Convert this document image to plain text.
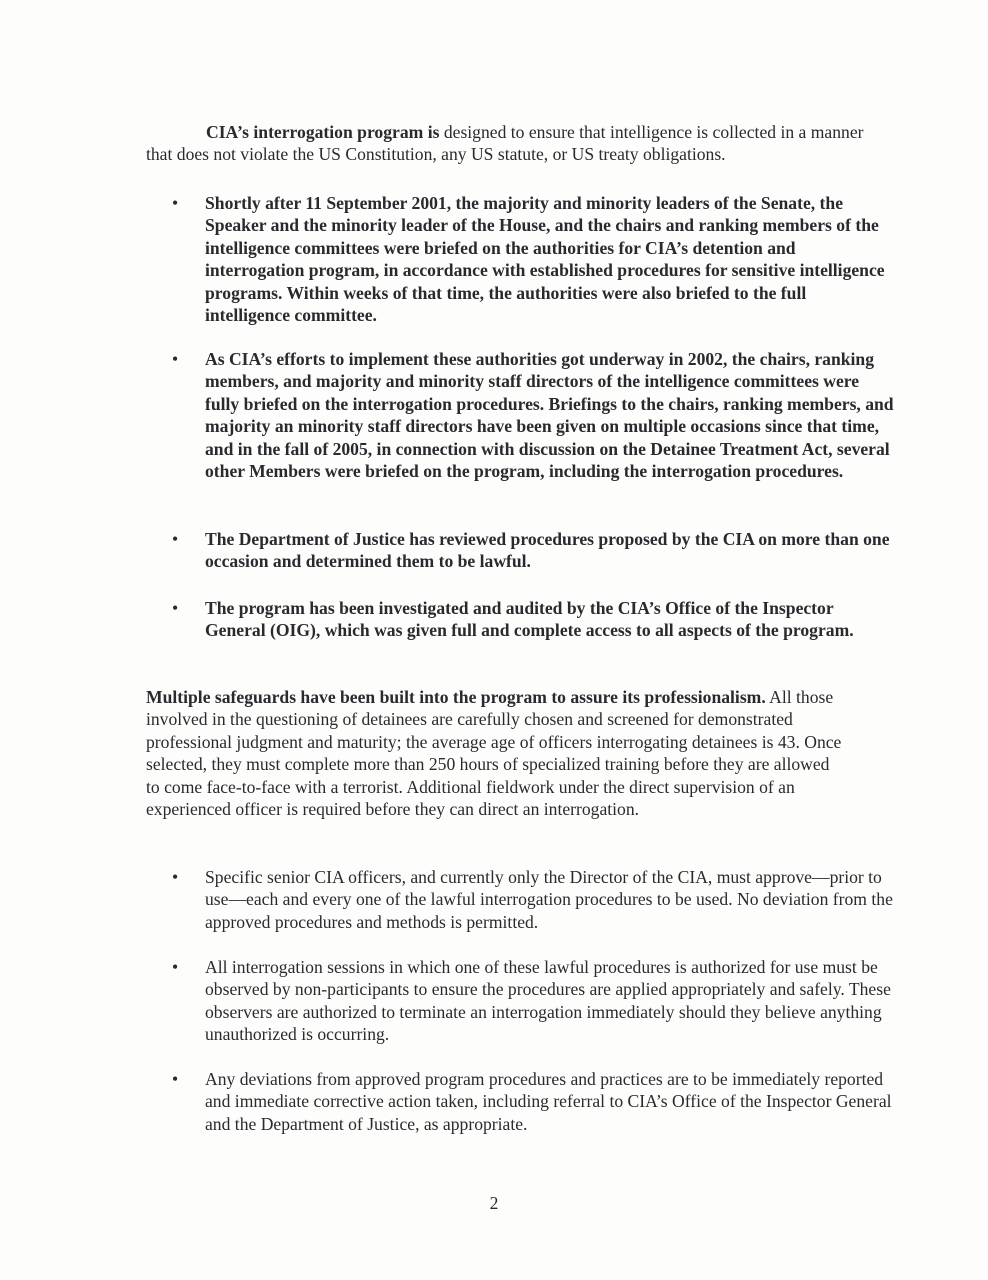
CIA’s interrogation program is designed to ensure that intelligence is collected in a manner that does not violate the US Constitution, any US statute, or US treaty obligations.

•	Shortly after 11 September 2001, the majority and minority leaders of the Senate, the Speaker and the minority leader of the House, and the chairs and ranking members of the intelligence committees were briefed on the authorities for CIA’s detention and interrogation program, in accordance with established procedures for sensitive intelligence programs. Within weeks of that time, the authorities were also briefed to the full intelligence committee.
•	As CIA’s efforts to implement these authorities got underway in 2002, the chairs, ranking members, and majority and minority staff directors of the intelligence committees were fully briefed on the interrogation procedures. Briefings to the chairs, ranking members, and majority an minority staff directors have been given on multiple occasions since that time, and in the fall of 2005, in connection with discussion on the Detainee Treatment Act, several other Members were briefed on the program, including the interrogation procedures.
•	The Department of Justice has reviewed procedures proposed by the CIA on more than one occasion and determined them to be lawful.
•	The program has been investigated and audited by the CIA’s Office of the Inspector General (OIG), which was given full and complete access to all aspects of the program.

Multiple safeguards have been built into the program to assure its professionalism. All those involved in the questioning of detainees are carefully chosen and screened for demonstrated professional judgment and maturity; the average age of officers interrogating detainees is 43. Once selected, they must complete more than 250 hours of specialized training before they are allowed to come face-to-face with a terrorist. Additional fieldwork under the direct supervision of an experienced officer is required before they can direct an interrogation.

•	Specific senior CIA officers, and currently only the Director of the CIA, must approve—prior to use—each and every one of the lawful interrogation procedures to be used. No deviation from the approved procedures and methods is permitted.
•	All interrogation sessions in which one of these lawful procedures is authorized for use must be observed by non-participants to ensure the procedures are applied appropriately and safely. These observers are authorized to terminate an interrogation immediately should they believe anything unauthorized is occurring.
•	Any deviations from approved program procedures and practices are to be immediately reported and immediate corrective action taken, including referral to CIA’s Office of the Inspector General and the Department of Justice, as appropriate.
2
